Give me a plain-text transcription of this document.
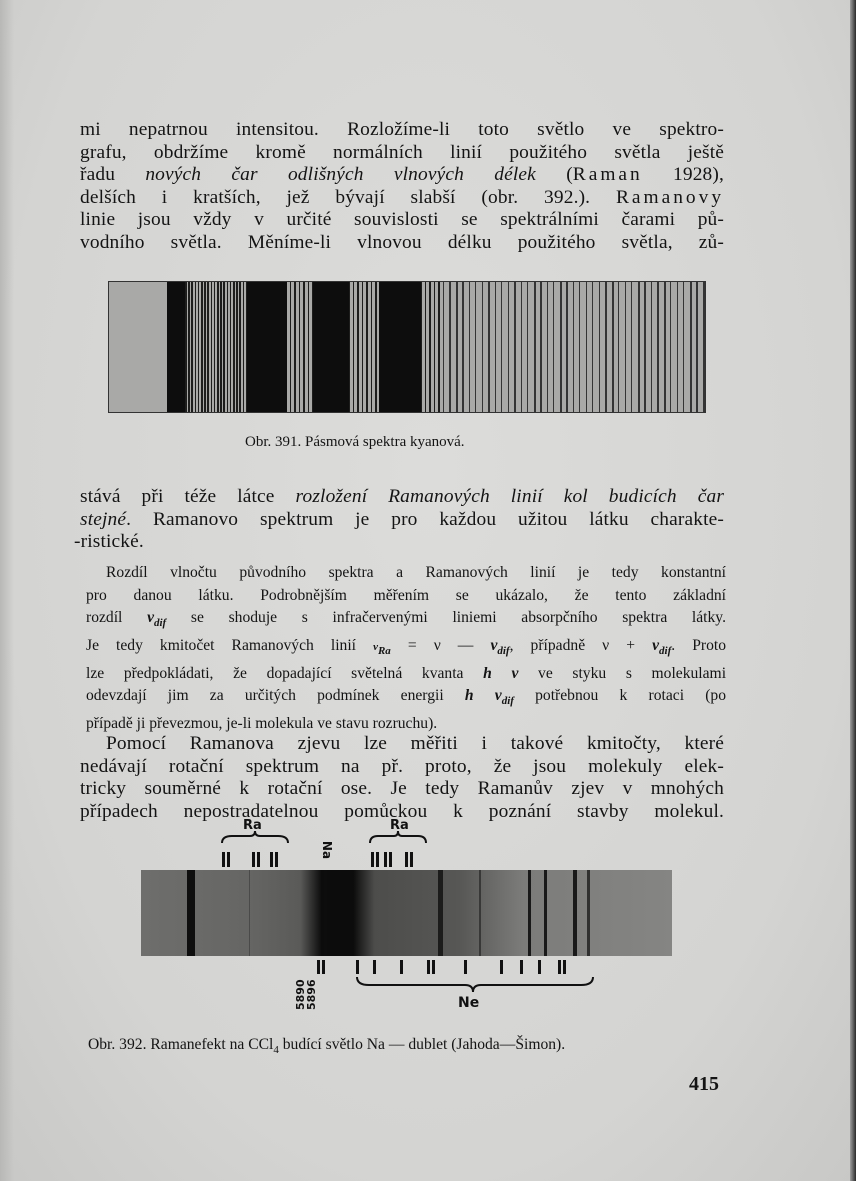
mi nepatrnou intensitou. Rozložíme-li toto světlo ve spektro-
grafu, obdržíme kromě normálních linií použitého světla ještě
řadu nových čar odlišných vlnových délek (Raman 1928),
delších i kratších, jež bývají slabší (obr. 392.). Ramanovy
linie jsou vždy v určité souvislosti se spektrálními čarami pů-
vodního světla. Měníme-li vlnovou délku použitého světla, zů-
Obr. 391. Pásmová spektra kyanová.
stává při téže látce rozložení Ramanových linií kol budicích čar
stejné. Ramanovo spektrum je pro každou užitou látku charakte-
-ristické.
Rozdíl vlnočtu původního spektra a Ramanových linií je tedy konstantní
pro danou látku. Podrobnějším měřením se ukázalo, že tento základní
rozdíl $\nu_{dif}$ se shoduje s infračervenými liniemi absorpčního spektra látky.
Je tedy kmitočet Ramanových linií $\nu_{Ra} = \nu$ — $\nu_{dif}$, případně $\nu + \nu_{dif}$. Proto
lze předpokládati, že dopadající světelná kvanta h ν ve styku s molekulami
odevzdají jim za určitých podmínek energii h $\nu_{dif}$ potřebnou k rotaci (po
případě ji převezmou, je-li molekula ve stavu rozruchu).
Pomocí Ramanova zjevu lze měřiti i takové kmitočty, které
nedávají rotační spektrum na př. proto, že jsou molekuly elek-
tricky souměrné k rotační ose. Je tedy Ramanův zjev v mnohých
případech nepostradatelnou pomůckou k poznání stavby molekul.
Ra	Ra
Na
Ne
5890
5896
Obr. 392. Ramanefekt na CCl$_4$ budící světlo Na — dublet (Jahoda—Šimon).
415
